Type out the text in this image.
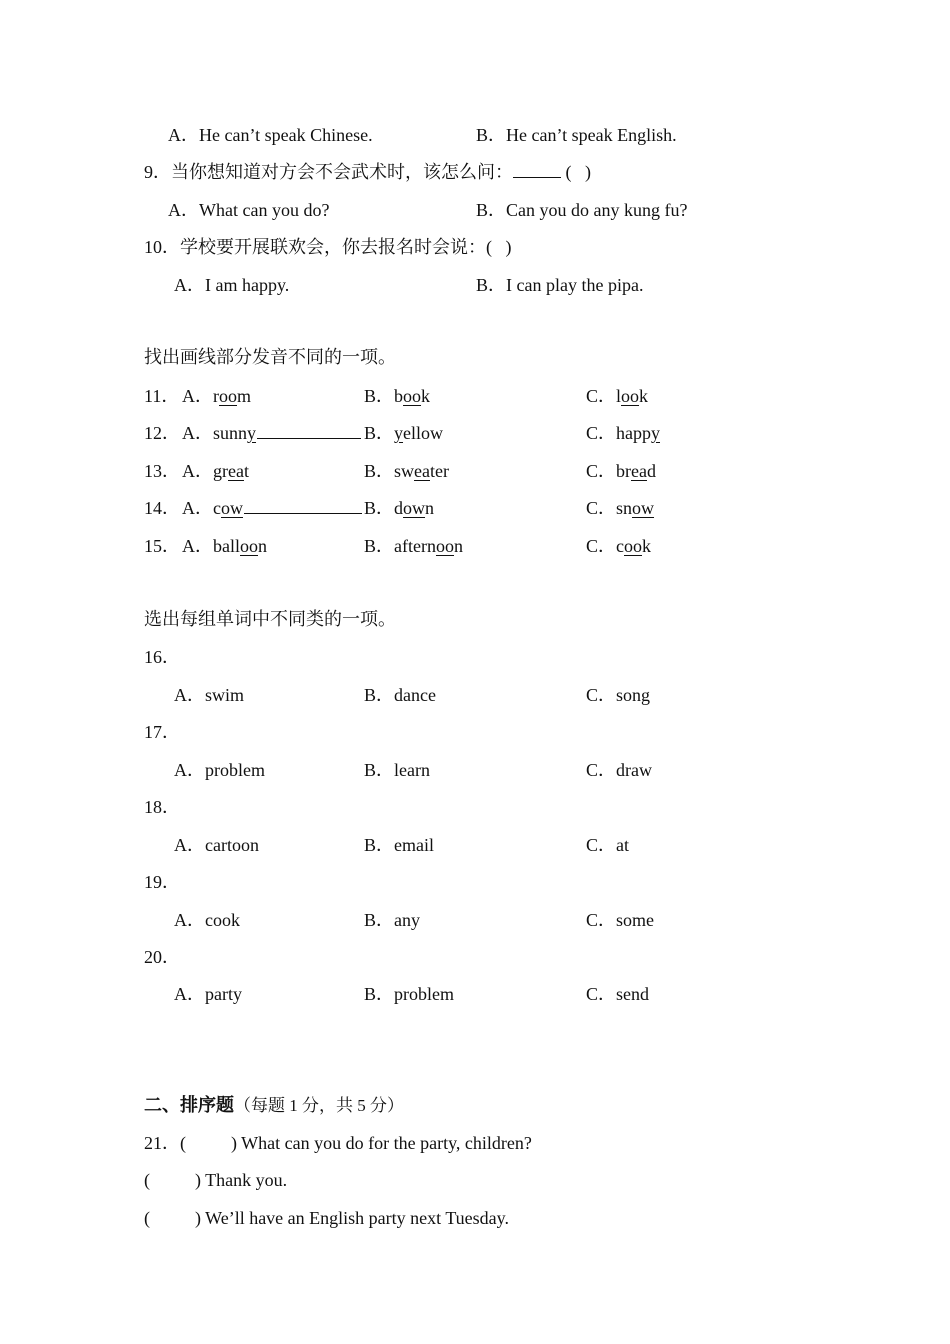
A．He can’t speak Chinese.	B．He can’t speak English.
9．当你想知道对方会不会武术时，该怎么问：	(   )
A．What can you do?	B．Can you do any kung fu?
10．学校要开展联欢会，你去报名时会说：(   )
A．I am happy.	B．I can play the pipa.
找出画线部分发音不同的一项。
11． A．room	B．book	C．look
12． A．sunny	B．yellow	C．happy
13． A．great	B．sweater	C．bread
14． A．cow	B．down	C．snow
15． A．balloon	B．afternoon	C．cook
选出每组单词中不同类的一项。
16．
A．swim	B．dance	C．song
17．
A．problem	B．learn	C．draw
18．
A．cartoon	B．email	C．at
19．
A．cook	B．any	C．some
20．
A．party	B．problem	C．send
二、排序题（每题 1 分，共 5 分）
21．(          ) What can you do for the party, children?
(          ) Thank you.
(          ) We’ll have an English party next Tuesday.
